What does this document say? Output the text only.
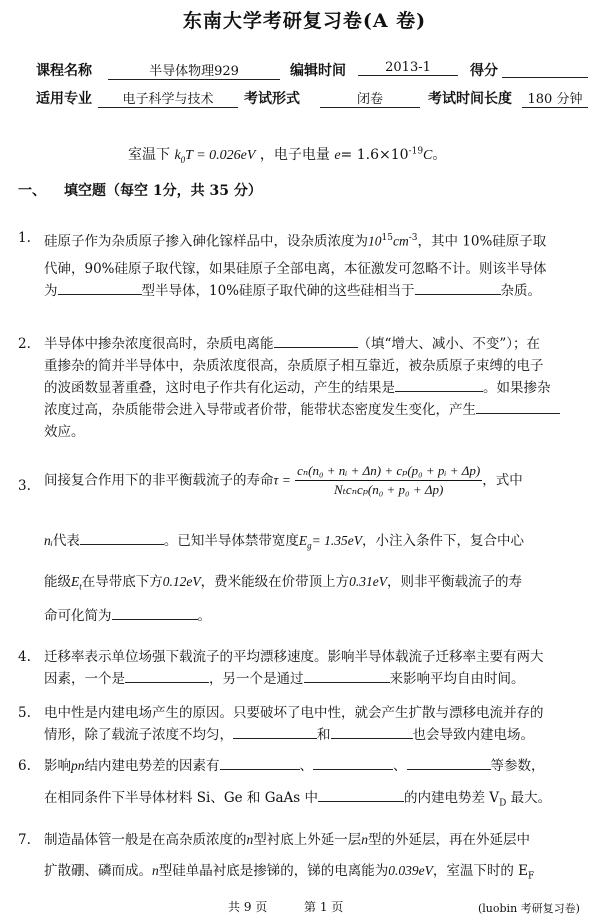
东南大学考研复习卷(A 卷)
课程名称	半导体物理929	编辑时间	2013-1	得分
适用专业	电子科学与技术	考试形式	闭卷	考试时间长度	180 分钟
室温下 $k_0T = 0.026eV$ ，电子电量 $e= 1.6\times 10^{-19}C$。
一、 填空题（每空 1分，共 35 分）
1. 硅原子作为杂质原子掺入砷化镓样品中，设杂质浓度为$10^{15}cm^{-3}$，其中 10%硅原子取
代砷，90%硅原子取代镓，如果硅原子全部电离，本征激发可忽略不计。则该半导体
为	型半导体，10%硅原子取代砷的这些硅相当于	杂质。
2. 半导体中掺杂浓度很高时，杂质电离能	（填“增大、减小、不变”）；在
重掺杂的简并半导体中，杂质浓度很高，杂质原子相互靠近，被杂质原子束缚的电子
的波函数显著重叠，这时电子作共有化运动，产生的结果是	。如果掺杂
浓度过高，杂质能带会进入导带或者价带，能带状态密度发生变化，产生
效应。
3. 间接复合作用下的非平衡载流子的寿命$\tau = \frac{\text{cₙ(n₀ + nᵢ + Δn) + cₚ(p₀ + pᵢ + Δp)}}{\text{Nₜcₙcₚ(n₀ + p₀ + Δp)}}$ ，式中
nᵢ代表	。已知半导体禁带宽度$E_g= 1.35eV$，小注入条件下，复合中心
能级$E_t$在导带底下方0.12eV，费米能级在价带顶上方0.31eV，则非平衡载流子的寿
命可化简为	。
4. 迁移率表示单位场强下载流子的平均漂移速度。影响半导体载流子迁移率主要有两大
因素，一个是	，另一个是通过	来影响平均自由时间。
5. 电中性是内建电场产生的原因。只要破坏了电中性，就会产生扩散与漂移电流并存的
情形，除了载流子浓度不均匀，	和	也会导致内建电场。
6. 影响pn结内建电势差的因素有	、	、	等参数，
在相同条件下半导体材料 Si、Ge 和 GaAs 中	的内建电势差 $V_D$ 最大。
7. 制造晶体管一般是在高杂质浓度的n型衬底上外延一层n型的外延层，再在外延层中
扩散硼、磷而成。n型硅单晶衬底是掺锑的，锑的电离能为0.039eV，室温下时的 $E_F$
共 9 页	第 1 页	(luobin 考研复习卷)
